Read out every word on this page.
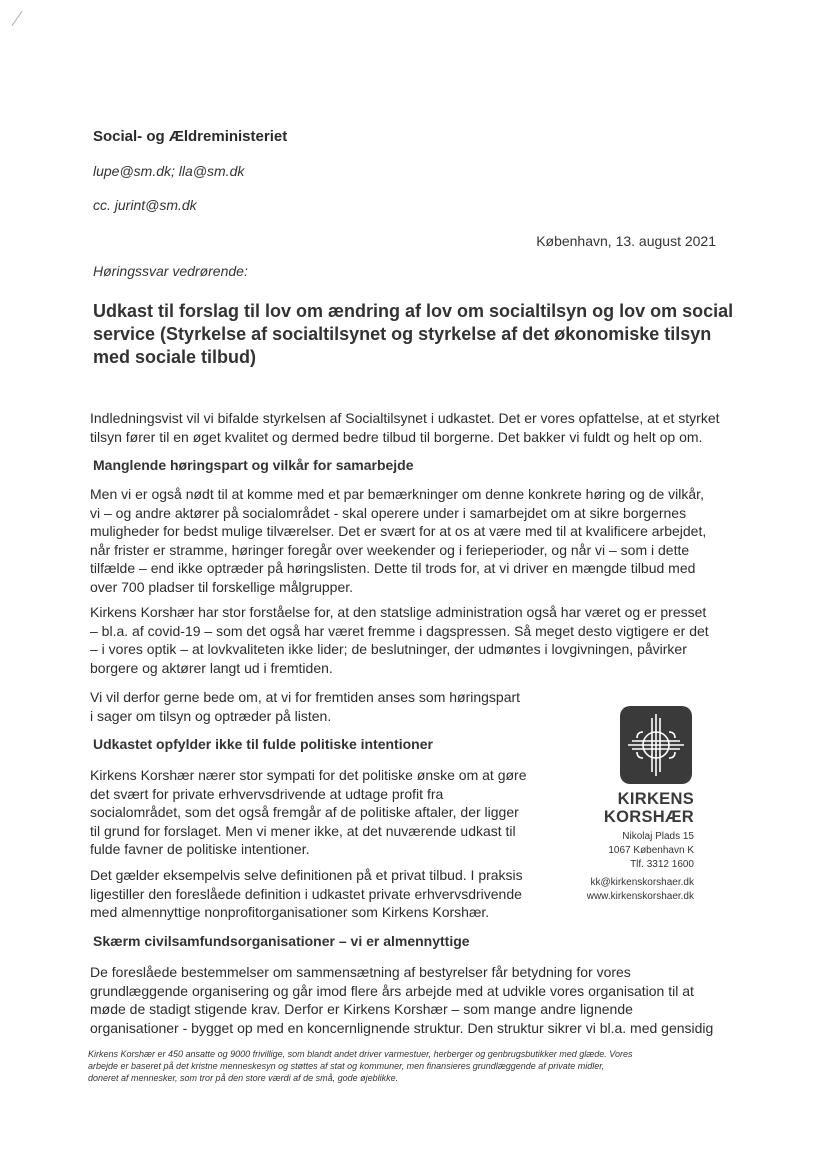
Social- og Ældreministeriet
lupe@sm.dk; lla@sm.dk
cc. jurint@sm.dk
København, 13. august 2021
Høringssvar vedrørende:
Udkast til forslag til lov om ændring af lov om socialtilsyn og lov om social service (Styrkelse af socialtilsynet og styrkelse af det økonomiske tilsyn med sociale tilbud)
Indledningsvist vil vi bifalde styrkelsen af Socialtilsynet i udkastet. Det er vores opfattelse, at et styrket
tilsyn fører til en øget kvalitet og dermed bedre tilbud til borgerne. Det bakker vi fuldt og helt op om.
Manglende høringspart og vilkår for samarbejde
Men vi er også nødt til at komme med et par bemærkninger om denne konkrete høring og de vilkår,
vi – og andre aktører på socialområdet - skal operere under i samarbejdet om at sikre borgernes
muligheder for bedst mulige tilværelser. Det er svært for at os at være med til at kvalificere arbejdet,
når frister er stramme, høringer foregår over weekender og i ferieperioder, og når vi – som i dette
tilfælde – end ikke optræder på høringslisten. Dette til trods for, at vi driver en mængde tilbud med
over 700 pladser til forskellige målgrupper.
Kirkens Korshær har stor forståelse for, at den statslige administration også har været og er presset
– bl.a. af covid-19 – som det også har været fremme i dagspressen. Så meget desto vigtigere er det
– i vores optik – at lovkvaliteten ikke lider; de beslutninger, der udmøntes i lovgivningen, påvirker
borgere og aktører langt ud i fremtiden.
Vi vil derfor gerne bede om, at vi for fremtiden anses som høringspart
i sager om tilsyn og optræder på listen.
Udkastet opfylder ikke til fulde politiske intentioner
Kirkens Korshær nærer stor sympati for det politiske ønske om at gøre
det svært for private erhvervsdrivende at udtage profit fra
socialområdet, som det også fremgår af de politiske aftaler, der ligger
til grund for forslaget. Men vi mener ikke, at det nuværende udkast til
fulde favner de politiske intentioner.
Det gælder eksempelvis selve definitionen på et privat tilbud. I praksis
ligestiller den foreslåede definition i udkastet private erhvervsdrivende
med almennyttige nonprofitorganisationer som Kirkens Korshær.
Skærm civilsamfundsorganisationer – vi er almennyttige
De foreslåede bestemmelser om sammensætning af bestyrelser får betydning for vores
grundlæggende organisering og går imod flere års arbejde med at udvikle vores organisation til at
møde de stadigt stigende krav. Derfor er Kirkens Korshær – som mange andre lignende
organisationer - bygget op med en koncernlignende struktur. Den struktur sikrer vi bl.a. med gensidig
KIRKENS
KORSHÆR
Nikolaj Plads 15
1067 København K
Tlf. 3312 1600
kk@kirkenskorshaer.dk
www.kirkenskorshaer.dk
Kirkens Korshær er 450 ansatte og 9000 frivillige, som blandt andet driver varmestuer, herberger og genbrugsbutikker med glæde. Vores
arbejde er baseret på det kristne menneskesyn og støttes af stat og kommuner, men finansieres grundlæggende af private midler,
doneret af mennesker, som tror på den store værdi af de små, gode øjeblikke.
